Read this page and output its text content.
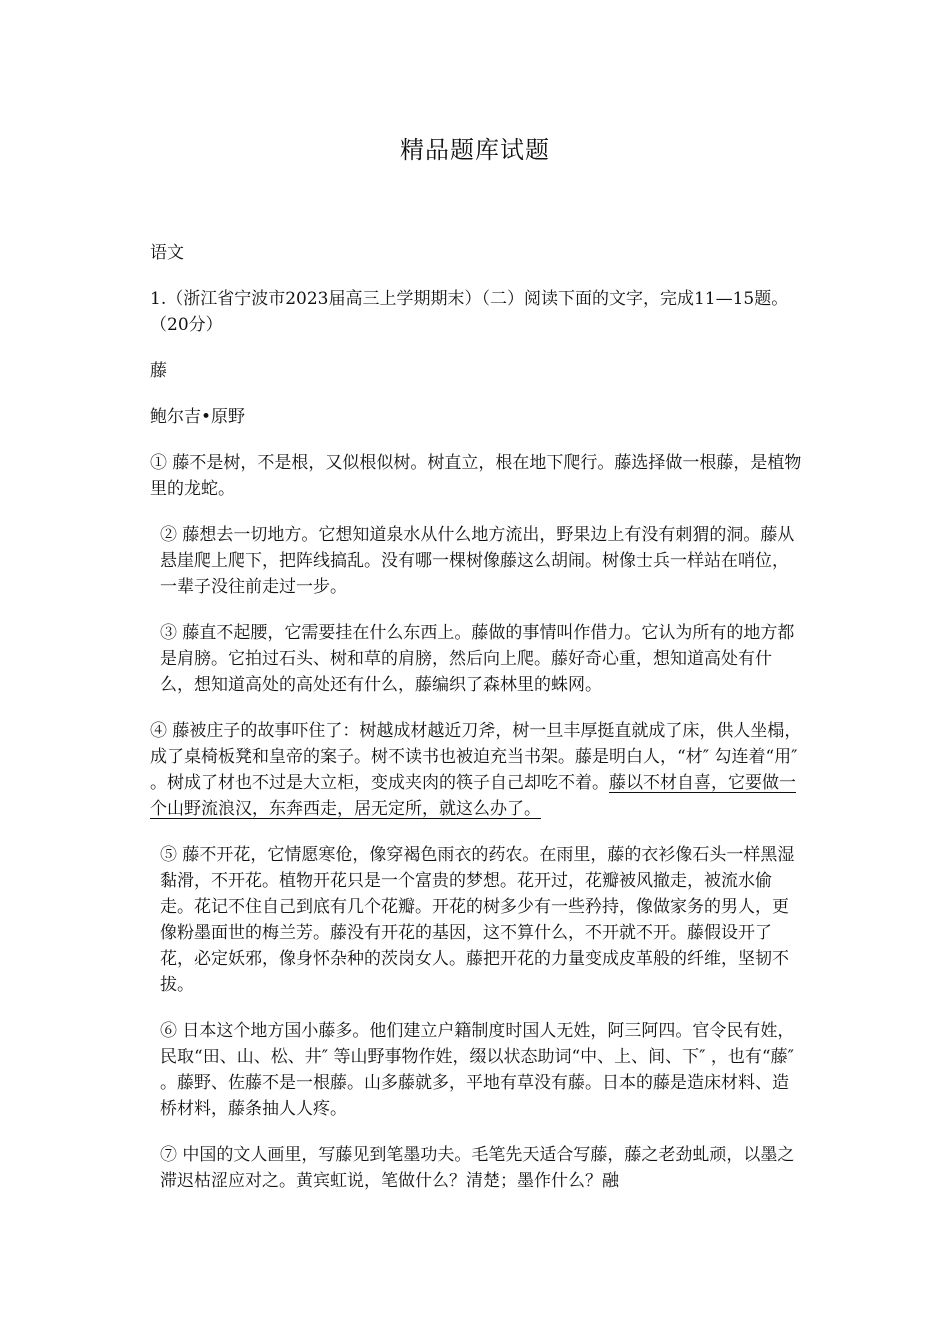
精品题库试题

语文

1.（浙江省宁波市2023届高三上学期期末）（二）阅读下面的文字，完成11—15题。（20分）

藤

鲍尔吉•原野

① 藤不是树，不是根，又似根似树。树直立，根在地下爬行。藤选择做一根藤，是植物里的龙蛇。

② 藤想去一切地方。它想知道泉水从什么地方流出，野果边上有没有刺猬的洞。藤从悬崖爬上爬下，把阵线搞乱。没有哪一棵树像藤这么胡闹。树像士兵一样站在哨位，一辈子没往前走过一步。

③ 藤直不起腰，它需要挂在什么东西上。藤做的事情叫作借力。它认为所有的地方都是肩膀。它拍过石头、树和草的肩膀，然后向上爬。藤好奇心重，想知道高处有什么，想知道高处的高处还有什么，藤编织了森林里的蛛网。

④ 藤被庄子的故事吓住了：树越成材越近刀斧，树一旦丰厚挺直就成了床，供人坐榻，成了桌椅板凳和皇帝的案子。树不读书也被迫充当书架。藤是明白人，“材″ 勾连着“用″ 。树成了材也不过是大立柜，变成夹肉的筷子自己却吃不着。藤以不材自喜，它要做一个山野流浪汉，东奔西走，居无定所，就这么办了。

⑤ 藤不开花，它情愿寒伧，像穿褐色雨衣的药农。在雨里，藤的衣衫像石头一样黑湿黏滑，不开花。植物开花只是一个富贵的梦想。花开过，花瓣被风撤走，被流水偷走。花记不住自己到底有几个花瓣。开花的树多少有一些矜持，像做家务的男人，更像粉墨面世的梅兰芳。藤没有开花的基因，这不算什么，不开就不开。藤假设开了花，必定妖邪，像身怀杂种的茨岗女人。藤把开花的力量变成皮革般的纤维，坚韧不拔。

⑥ 日本这个地方国小藤多。他们建立户籍制度时国人无姓，阿三阿四。官令民有姓，民取“田、山、松、井″ 等山野事物作姓，缀以状态助词“中、上、间、下″ ，也有“藤″ 。藤野、佐藤不是一根藤。山多藤就多，平地有草没有藤。日本的藤是造床材料、造桥材料，藤条抽人人疼。

⑦ 中国的文人画里，写藤见到笔墨功夫。毛笔先天适合写藤，藤之老劲虬顽，以墨之滞迟枯涩应对之。黄宾虹说，笔做什么？清楚；墨作什么？融
